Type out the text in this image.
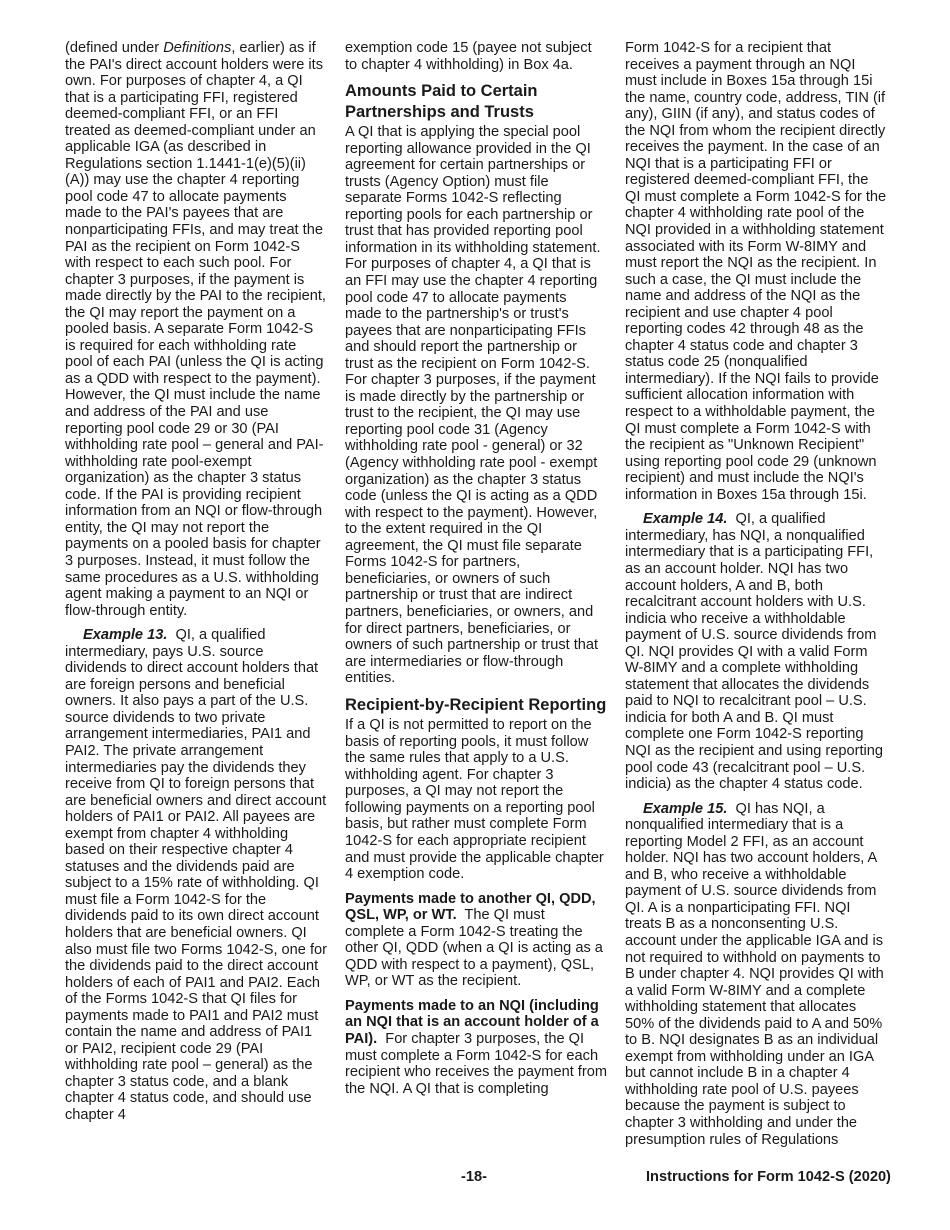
(defined under Definitions, earlier) as if the PAI's direct account holders were its own. For purposes of chapter 4, a QI that is a participating FFI, registered deemed-compliant FFI, or an FFI treated as deemed-compliant under an applicable IGA (as described in Regulations section 1.1441-1(e)(5)(ii)(A)) may use the chapter 4 reporting pool code 47 to allocate payments made to the PAI's payees that are nonparticipating FFIs, and may treat the PAI as the recipient on Form 1042-S with respect to each such pool. For chapter 3 purposes, if the payment is made directly by the PAI to the recipient, the QI may report the payment on a pooled basis. A separate Form 1042-S is required for each withholding rate pool of each PAI (unless the QI is acting as a QDD with respect to the payment). However, the QI must include the name and address of the PAI and use reporting pool code 29 or 30 (PAI withholding rate pool – general and PAI-withholding rate pool-exempt organization) as the chapter 3 status code. If the PAI is providing recipient information from an NQI or flow-through entity, the QI may not report the payments on a pooled basis for chapter 3 purposes. Instead, it must follow the same procedures as a U.S. withholding agent making a payment to an NQI or flow-through entity.

Example 13. QI, a qualified intermediary, pays U.S. source dividends to direct account holders that are foreign persons and beneficial owners. It also pays a part of the U.S. source dividends to two private arrangement intermediaries, PAI1 and PAI2. The private arrangement intermediaries pay the dividends they receive from QI to foreign persons that are beneficial owners and direct account holders of PAI1 or PAI2. All payees are exempt from chapter 4 withholding based on their respective chapter 4 statuses and the dividends paid are subject to a 15% rate of withholding. QI must file a Form 1042-S for the dividends paid to its own direct account holders that are beneficial owners. QI also must file two Forms 1042-S, one for the dividends paid to the direct account holders of each of PAI1 and PAI2. Each of the Forms 1042-S that QI files for payments made to PAI1 and PAI2 must contain the name and address of PAI1 or PAI2, recipient code 29 (PAI withholding rate pool – general) as the chapter 3 status code, and a blank chapter 4 status code, and should use chapter 4

exemption code 15 (payee not subject to chapter 4 withholding) in Box 4a.

Amounts Paid to Certain Partnerships and Trusts

A QI that is applying the special pool reporting allowance provided in the QI agreement for certain partnerships or trusts (Agency Option) must file separate Forms 1042-S reflecting reporting pools for each partnership or trust that has provided reporting pool information in its withholding statement. For purposes of chapter 4, a QI that is an FFI may use the chapter 4 reporting pool code 47 to allocate payments made to the partnership's or trust's payees that are nonparticipating FFIs and should report the partnership or trust as the recipient on Form 1042-S. For chapter 3 purposes, if the payment is made directly by the partnership or trust to the recipient, the QI may use reporting pool code 31 (Agency withholding rate pool - general) or 32 (Agency withholding rate pool - exempt organization) as the chapter 3 status code (unless the QI is acting as a QDD with respect to the payment). However, to the extent required in the QI agreement, the QI must file separate Forms 1042-S for partners, beneficiaries, or owners of such partnership or trust that are indirect partners, beneficiaries, or owners, and for direct partners, beneficiaries, or owners of such partnership or trust that are intermediaries or flow-through entities.

Recipient-by-Recipient Reporting

If a QI is not permitted to report on the basis of reporting pools, it must follow the same rules that apply to a U.S. withholding agent. For chapter 3 purposes, a QI may not report the following payments on a reporting pool basis, but rather must complete Form 1042-S for each appropriate recipient and must provide the applicable chapter 4 exemption code.

Payments made to another QI, QDD, QSL, WP, or WT. The QI must complete a Form 1042-S treating the other QI, QDD (when a QI is acting as a QDD with respect to a payment), QSL, WP, or WT as the recipient.

Payments made to an NQI (including an NQI that is an account holder of a PAI). For chapter 3 purposes, the QI must complete a Form 1042-S for each recipient who receives the payment from the NQI. A QI that is completing

Form 1042-S for a recipient that receives a payment through an NQI must include in Boxes 15a through 15i the name, country code, address, TIN (if any), GIIN (if any), and status codes of the NQI from whom the recipient directly receives the payment. In the case of an NQI that is a participating FFI or registered deemed-compliant FFI, the QI must complete a Form 1042-S for the chapter 4 withholding rate pool of the NQI provided in a withholding statement associated with its Form W-8IMY and must report the NQI as the recipient. In such a case, the QI must include the name and address of the NQI as the recipient and use chapter 4 pool reporting codes 42 through 48 as the chapter 4 status code and chapter 3 status code 25 (nonqualified intermediary). If the NQI fails to provide sufficient allocation information with respect to a withholdable payment, the QI must complete a Form 1042-S with the recipient as "Unknown Recipient" using reporting pool code 29 (unknown recipient) and must include the NQI's information in Boxes 15a through 15i.

Example 14. QI, a qualified intermediary, has NQI, a nonqualified intermediary that is a participating FFI, as an account holder. NQI has two account holders, A and B, both recalcitrant account holders with U.S. indicia who receive a withholdable payment of U.S. source dividends from QI. NQI provides QI with a valid Form W-8IMY and a complete withholding statement that allocates the dividends paid to NQI to recalcitrant pool – U.S. indicia for both A and B. QI must complete one Form 1042-S reporting NQI as the recipient and using reporting pool code 43 (recalcitrant pool – U.S. indicia) as the chapter 4 status code.

Example 15. QI has NQI, a nonqualified intermediary that is a reporting Model 2 FFI, as an account holder. NQI has two account holders, A and B, who receive a withholdable payment of U.S. source dividends from QI. A is a nonparticipating FFI. NQI treats B as a nonconsenting U.S. account under the applicable IGA and is not required to withhold on payments to B under chapter 4. NQI provides QI with a valid Form W-8IMY and a complete withholding statement that allocates 50% of the dividends paid to A and 50% to B. NQI designates B as an individual exempt from withholding under an IGA but cannot include B in a chapter 4 withholding rate pool of U.S. payees because the payment is subject to chapter 3 withholding and under the presumption rules of Regulations

-18-	Instructions for Form 1042-S (2020)
